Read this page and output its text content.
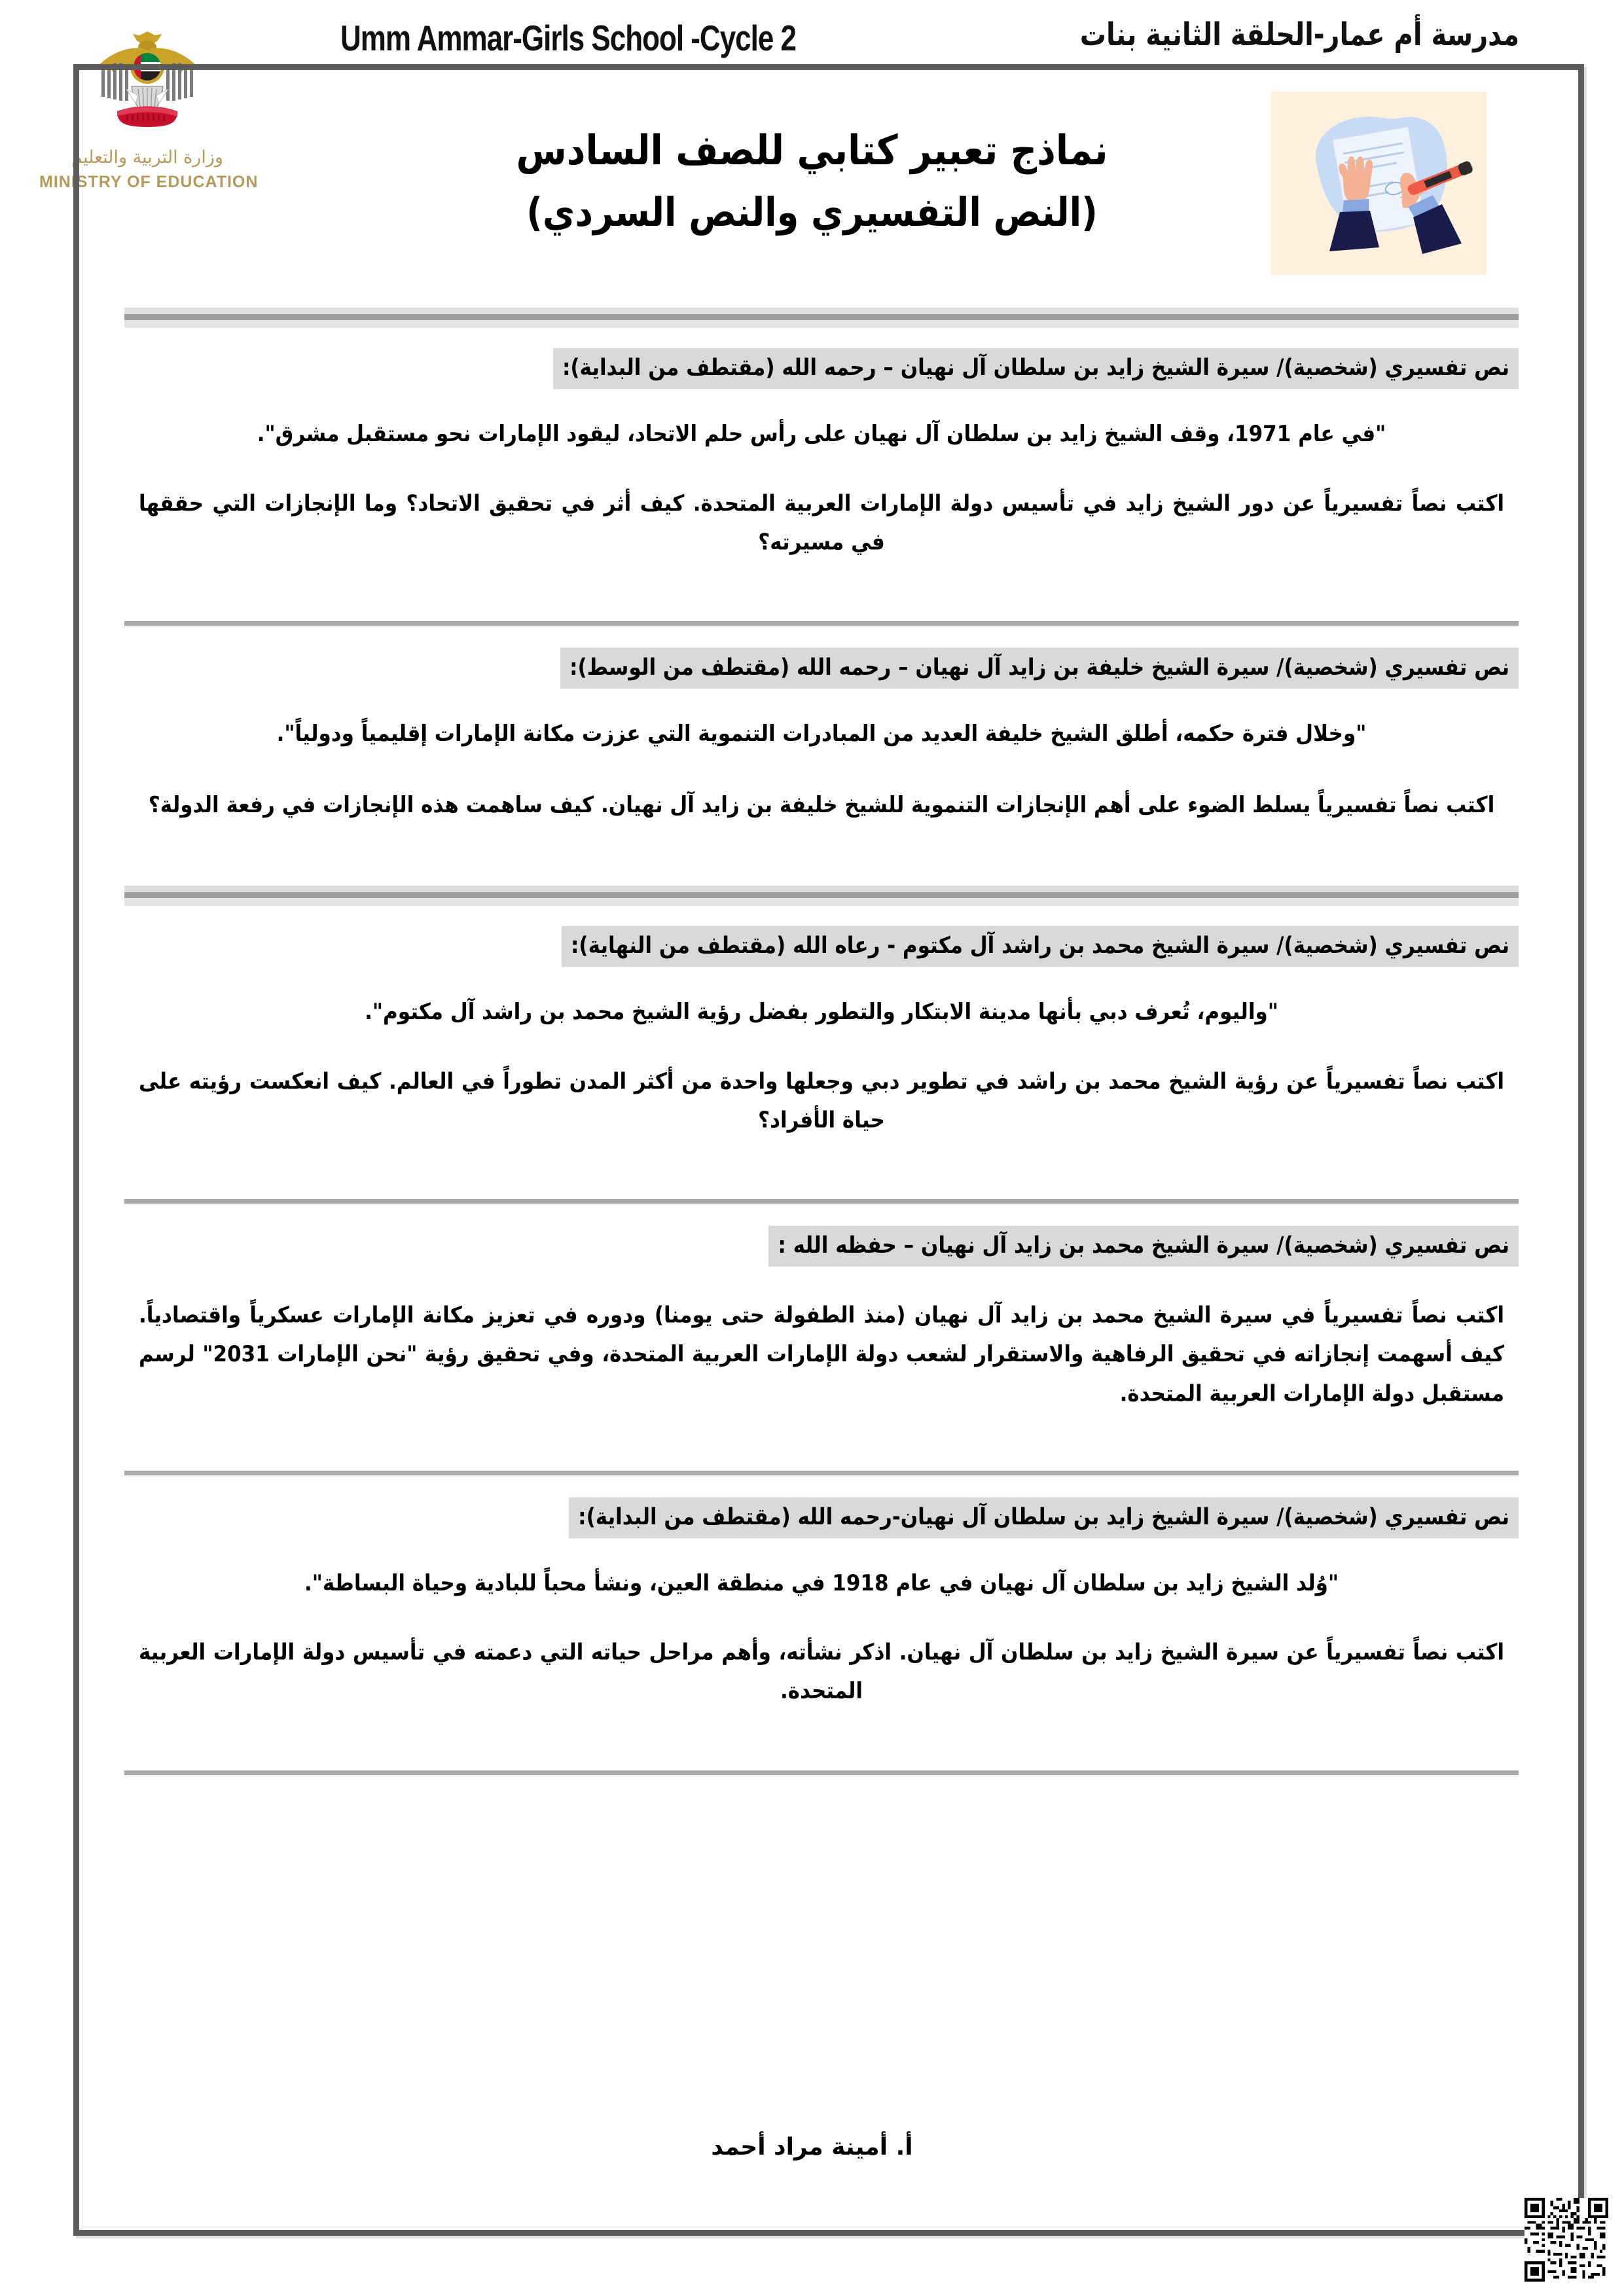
وزارة التربية والتعليم
MINISTRY OF EDUCATION
Umm Ammar-Girls School -Cycle 2	مدرسة أم عمار-الحلقة الثانية بنات
نماذج تعبير كتابي للصف السادس
(النص التفسيري والنص السردي)
نص تفسيري (شخصية)/ سيرة الشيخ زايد بن سلطان آل نهيان – رحمه الله (مقتطف من البداية):
"في عام 1971، وقف الشيخ زايد بن سلطان آل نهيان على رأس حلم الاتحاد، ليقود الإمارات نحو مستقبل مشرق".
اكتب نصاً تفسيرياً عن دور الشيخ زايد في تأسيس دولة الإمارات العربية المتحدة. كيف أثر في تحقيق الاتحاد؟ وما الإنجازات التي حققها في مسيرته؟
نص تفسيري (شخصية)/ سيرة الشيخ خليفة بن زايد آل نهيان – رحمه الله (مقتطف من الوسط):
"وخلال فترة حكمه، أطلق الشيخ خليفة العديد من المبادرات التنموية التي عززت مكانة الإمارات إقليمياً ودولياً".
اكتب نصاً تفسيرياً يسلط الضوء على أهم الإنجازات التنموية للشيخ خليفة بن زايد آل نهيان. كيف ساهمت هذه الإنجازات في رفعة الدولة؟
نص تفسيري (شخصية)/ سيرة الشيخ محمد بن راشد آل مكتوم - رعاه الله (مقتطف من النهاية):
"واليوم، تُعرف دبي بأنها مدينة الابتكار والتطور بفضل رؤية الشيخ محمد بن راشد آل مكتوم".
اكتب نصاً تفسيرياً عن رؤية الشيخ محمد بن راشد في تطوير دبي وجعلها واحدة من أكثر المدن تطوراً في العالم. كيف انعكست رؤيته على حياة الأفراد؟
نص تفسيري (شخصية)/ سيرة الشيخ محمد بن زايد آل نهيان – حفظه الله :
اكتب نصاً تفسيرياً في سيرة الشيخ محمد بن زايد آل نهيان (منذ الطفولة حتى يومنا) ودوره في تعزيز مكانة الإمارات عسكرياً واقتصادياً. كيف أسهمت إنجازاته في تحقيق الرفاهية والاستقرار لشعب دولة الإمارات العربية المتحدة، وفي تحقيق رؤية "نحن الإمارات 2031" لرسم مستقبل دولة الإمارات العربية المتحدة.
نص تفسيري (شخصية)/ سيرة الشيخ زايد بن سلطان آل نهيان-رحمه الله (مقتطف من البداية):
"وُلد الشيخ زايد بن سلطان آل نهيان في عام 1918 في منطقة العين، ونشأ محباً للبادية وحياة البساطة".
اكتب نصاً تفسيرياً عن سيرة الشيخ زايد بن سلطان آل نهيان. اذكر نشأته، وأهم مراحل حياته التي دعمته في تأسيس دولة الإمارات العربية المتحدة.
أ. أمينة مراد أحمد
